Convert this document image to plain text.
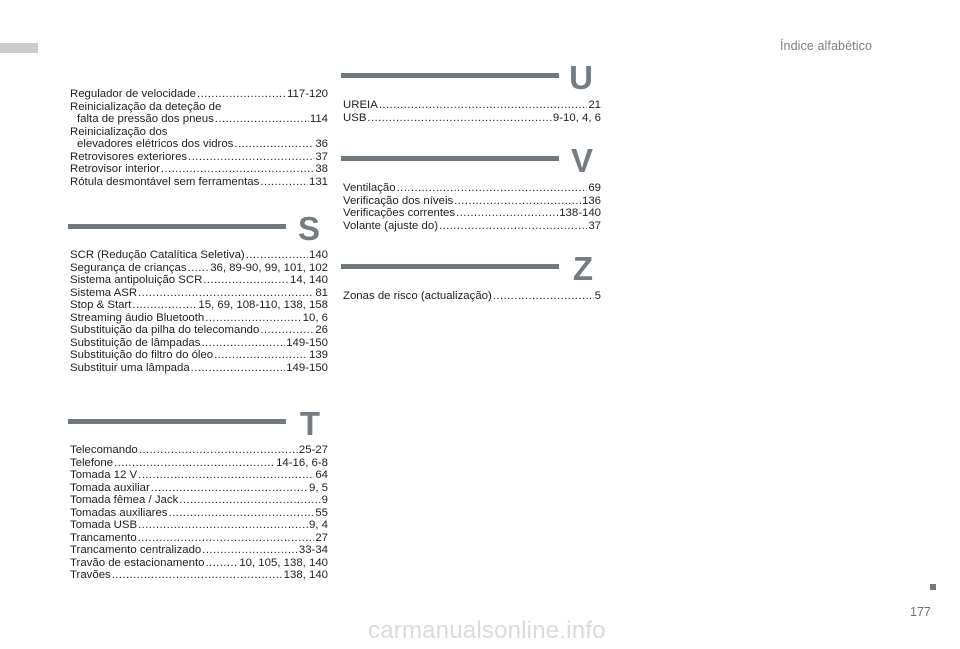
Índice alfabético
Regulador de velocidade .....	117-120
Reinicialização da deteção de
falta de pressão dos pneus .....	114
Reinicialização dos
elevadores elétricos dos vidros .....	36
Retrovisores exteriores .....	37
Retrovisor interior .....	38
Rótula desmontável sem ferramentas .....	131
S
SCR (Redução Catalítica Seletiva) .....	140
Segurança de crianças ..... 36, 89-90, 99, 101, 102
Sistema antipoluição SCR .....	14, 140
Sistema ASR .....	81
Stop & Start .....	15, 69, 108-110, 138, 158
Streaming áudio Bluetooth .....	10, 6
Substituição da pilha do telecomando .....	26
Substituição de lâmpadas .....	149-150
Substituição do filtro do óleo .....	139
Substituir uma lâmpada .....	149-150
T
Telecomando .....	25-27
Telefone .....	14-16, 6-8
Tomada 12 V .....	64
Tomada auxiliar .....	9, 5
Tomada fêmea / Jack .....	9
Tomadas auxiliares .....	55
Tomada USB .....	9, 4
Trancamento .....	27
Trancamento centralizado .....	33-34
Travão de estacionamento .....	10, 105, 138, 140
Travões .....	138, 140
U
UREIA .....	21
USB .....	9-10, 4, 6
V
Ventilação .....	69
Verificação dos níveis .....	136
Verificações correntes .....	138-140
Volante (ajuste do) .....	37
Z
Zonas de risco (actualização) .....	5
177
carmanualsonline.info
